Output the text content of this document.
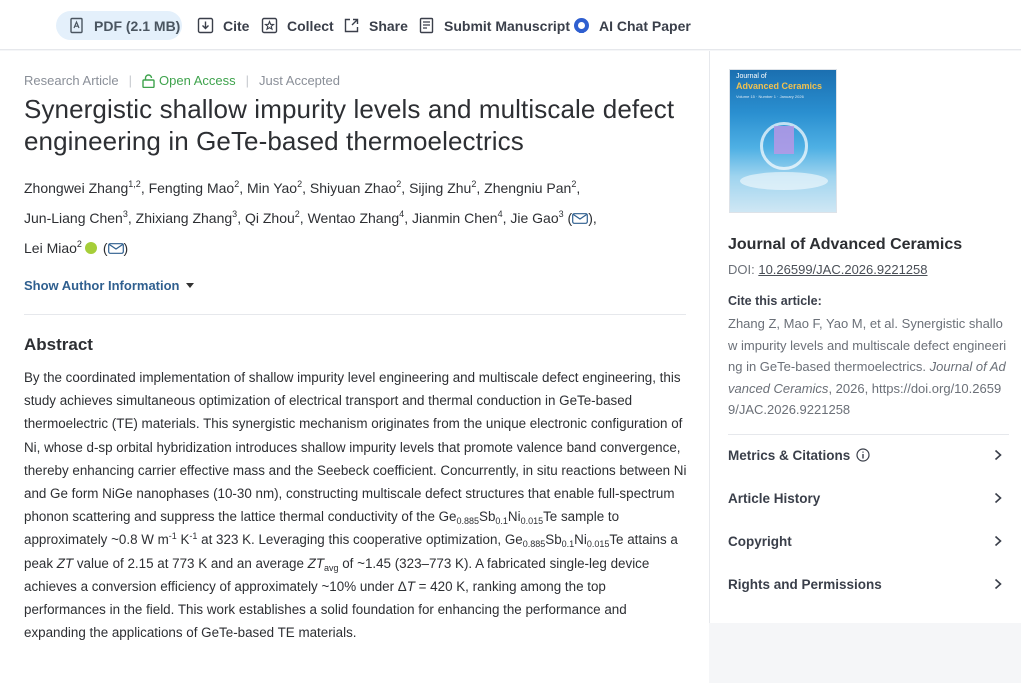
PDF (2.1 MB)	Cite	Collect	Share	Submit Manuscript AI Chat Paper
Research Article | Open Access | Just Accepted
Synergistic shallow impurity levels and multiscale defect engineering in GeTe-based thermoelectrics
Zhongwei Zhang$^{1,2}$, Fengting Mao$^2$, Min Yao$^2$, Shiyuan Zhao$^2$, Sijing Zhu$^2$, Zhengniu Pan$^2$,
Jun-Liang Chen$^3$, Zhixiang Zhang$^3$, Qi Zhou$^2$, Wentao Zhang$^4$, Jianmin Chen$^4$, Jie Gao$^3$ ( ),
Lei Miao$^2$ ( )
Show Author Information
Abstract

By the coordinated implementation of shallow impurity level engineering and multiscale defect engineering, this study achieves simultaneous optimization of electrical transport and thermal conduction in GeTe-based thermoelectric (TE) materials. This synergistic mechanism originates from the unique electronic configuration of Ni, whose d-sp orbital hybridization introduces shallow impurity levels that promote valence band convergence, thereby enhancing carrier effective mass and the Seebeck coefficient. Concurrently, in situ reactions between Ni and Ge form NiGe nanophases (10-30 nm), constructing multiscale defect structures that enable full-spectrum phonon scattering and suppress the lattice thermal conductivity of the $Ge_{0.885}Sb_{0.1}Ni_{0.015}Te$ sample to approximately ~0.8 W $m^{-1}$ $K^{-1}$ at 323 K. Leveraging this cooperative optimization, $Ge_{0.885}Sb_{0.1}Ni_{0.015}Te$ attains a peak ZT value of 2.15 at 773 K and an average $ZT_{avg}$ of ~1.45 (323–773 K). A fabricated single-leg device achieves a conversion efficiency of approximately ~10% under ΔT = 420 K, ranking among the top performances in the field. This work establishes a solid foundation for enhancing the performance and expanding the applications of GeTe-based TE materials.

Journal of
Advanced Ceramics
Volume 15 · Number 1 · January 2026
Journal of Advanced Ceramics
DOI: 10.26599/JAC.2026.9221258
Cite this article:
Zhang Z, Mao F, Yao M, et al. Synergistic shallow impurity levels and multiscale defect engineering in GeTe-based thermoelectrics. Journal of Advanced Ceramics, 2026, https://doi.org/10.26599/JAC.2026.9221258
Metrics & Citations
Article History
Copyright
Rights and Permissions
